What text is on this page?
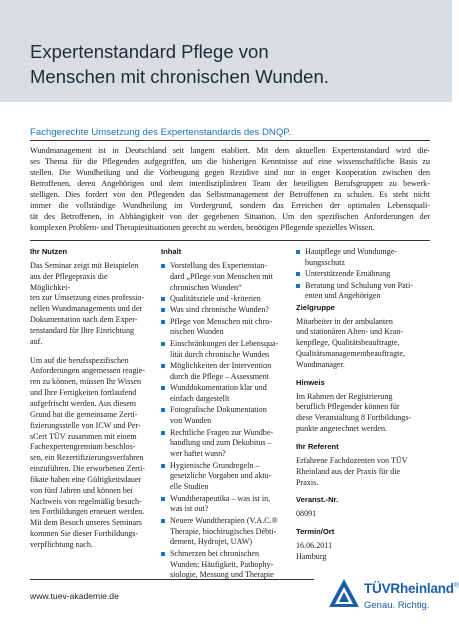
Expertenstandard Pflege von
Menschen mit chronischen Wunden.

Fachgerechte Umsetzung des Expertenstandards des DNQP.

Wundmanagement ist in Deutschland seit langem etabliert. Mit dem aktuellen Expertenstandard wird die-
ses Thema für die Pflegenden aufgegriffen, um die bisherigen Kenntnisse auf eine wissenschaftliche Basis zu
stellen. Die Wundheilung und die Vorbeugung gegen Rezidive sind nur in enger Kooperation zwischen den
Betroffenen, deren Angehörigen und dem interdisziplinären Team der beteiligten Berufsgruppen zu bewerk-
stelligen. Dies fordert von den Pflegenden das Selbstmanagement der Betroffenen zu schulen. Es steht nicht
immer die vollständige Wundheilung im Vordergrund, sondern das Erreichen der optimalen Lebensquali-
tät des Betroffenen, in Abhängigkeit von der gegebenen Situation. Um den spezifischen Anforderungen der
komplexen Problem- und Therapiesituationen gerecht zu werden, benötigen Pflegende spezielles Wissen.
Ihr Nutzen

Das Seminar zeigt mit Beispielen
aus der Pflegepraxis die Möglichkei-
ten zur Umsetzung eines professio-
nellen Wundmanagements und der
Dokumentation nach dem Exper-
tenstandard für Ihre Einrichtung
auf.

Um auf die berufsspezifischen
Anforderungen angemessen reagie-
ren zu können, müssen Ihr Wissen
und Ihre Fertigkeiten fortlaufend
aufgefrischt werden. Aus diesem
Grund hat die gemeinsame Zerti-
fizierungsstelle von ICW und Per-
sCert TÜV zusammen mit einem
Fachexpertengremium beschlos-
sen, ein Rezertifizierungsverfahren
einzuführen. Die erworbenen Zerti-
fikate haben eine Gültigkeitsdauer
von fünf Jahren und können bei
Nachweis von regelmäßig besuch-
ten Fortbildungen erneuert werden.
Mit dem Besuch unseres Seminars
kommen Sie dieser Fortbildungs-
verpflichtung nach.

Inhalt
Vorstellung des Expertenstan-
dard „Pflege von Menschen mit
chronischen Wunden“
Qualitätsziele und -kriterien
Was sind chronische Wunden?
Pflege von Menschen mit chro-
nischen Wunden
Einschränkungen der Lebensqua-
lität durch chronische Wunden
Möglichkeiten der Intervention
durch die Pflege – Assessment
Wunddokumentation klar und
einfach dargestellt
Fotografische Dokumentation
von Wunden
Rechtliche Fragen zur Wundbe-
handlung und zum Dekubitus –
wer haftet wann?
Hygienische Grundregeln –
gesetzliche Vorgaben und aktu-
elle Studien
Wundtherapeutika – was ist in,
was ist out?
Neuere Wundtherapien (V.A.C.®
Therapie, biochirugisches Débti-
dement, Hydrojet, UAW)
Schmerzen bei chronischen
Wunden: Häufigkeit, Pathophy-
siologie, Messung und Therapie
Hautpflege und Wundumge-
bungsschutz
Unterstützende Ernährung
Beratung und Schulung von Pati-
enten und Angehörigen
Zielgruppe
Mitarbeiter in der ambulanten
und stationären Alten- und Kran-
kenpflege, Qualitätsbeauftragte,
Qualitätsmanagementbeauftragte,
Wundmanager.
Hinweis
Im Rahmen der Registrierung
beruflich Pflegender können für
diese Veranstaltung 8 Fortbildungs-
punkte angerechnet werden.
Ihr Referent
Erfahrene Fachdozenten von TÜV
Rheinland aus der Praxis für die
Praxis.
Veranst.-Nr.
08091
Termin/Ort
16.06.2011
Hamburg
www.tuev-akademie.de	TÜVRheinland®
Genau. Richtig.
